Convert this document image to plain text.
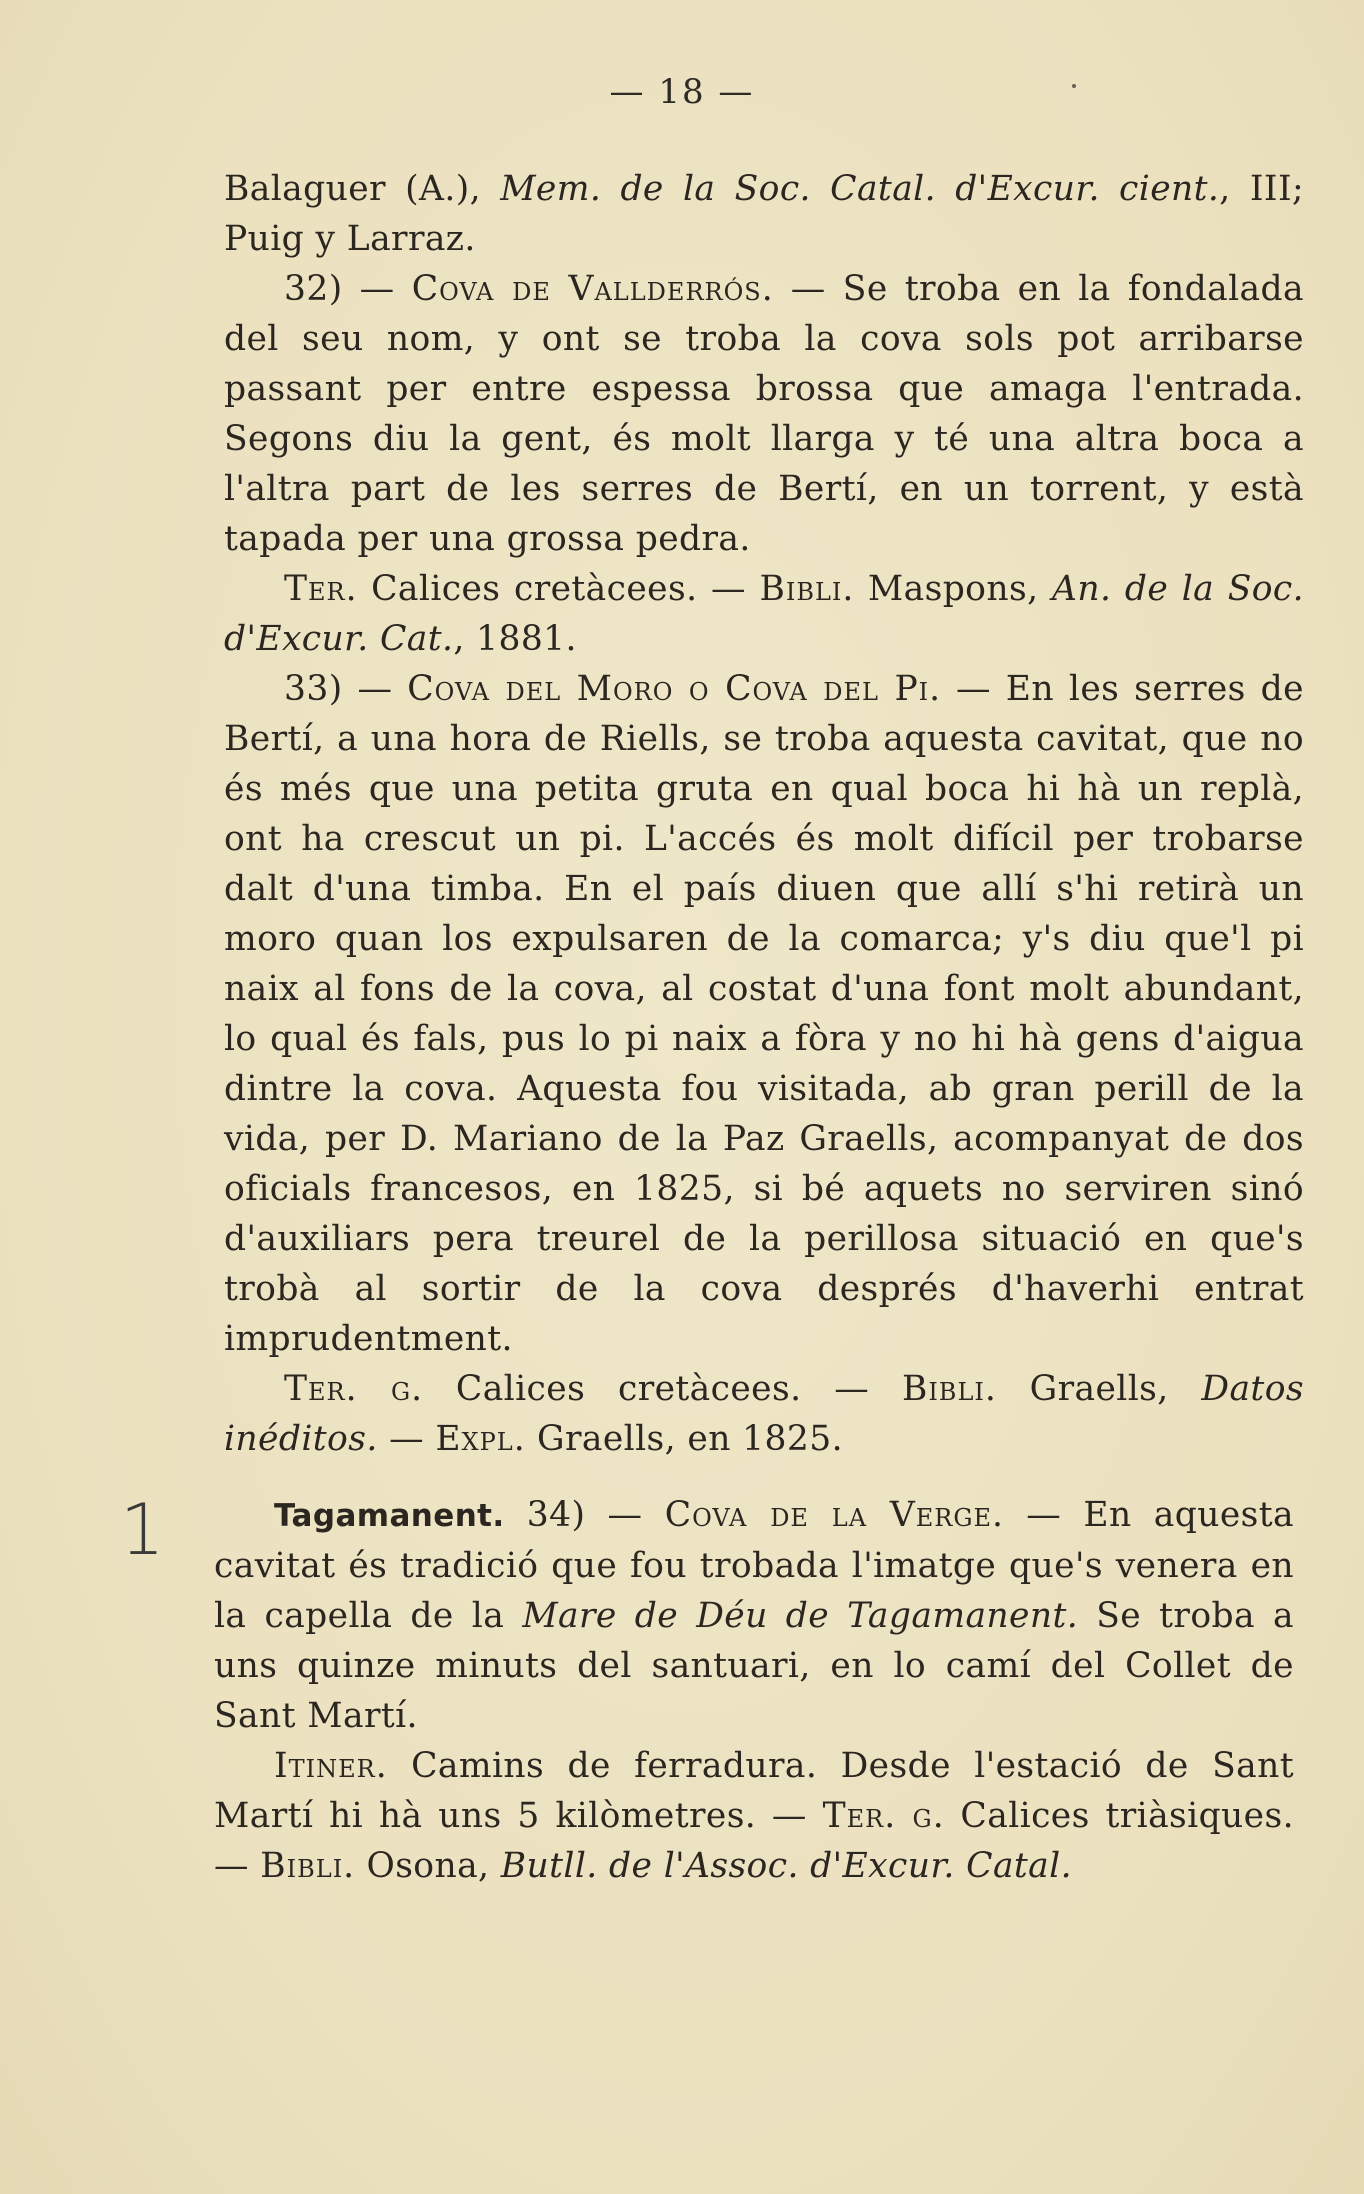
— 18 —

Balaguer (A.), Mem. de la Soc. Catal. d'Excur. cient., III; Puig y Larraz.

32) — Cova de Vallderrós. — Se troba en la fondalada del seu nom, y ont se troba la cova sols pot arribarse passant per entre espessa brossa que amaga l'entrada. Segons diu la gent, és molt llarga y té una altra boca a l'altra part de les serres de Bertí, en un torrent, y està tapada per una grossa pedra.

Ter. Calices cretàcees. — Bibli. Maspons, An. de la Soc. d'Excur. Cat., 1881.

33) — Cova del Moro o Cova del Pi. — En les serres de Bertí, a una hora de Riells, se troba aquesta cavitat, que no és més que una petita gruta en qual boca hi hà un replà, ont ha crescut un pi. L'accés és molt difícil per trobarse dalt d'una timba. En el país diuen que allí s'hi retirà un moro quan los expulsaren de la comarca; y's diu que'l pi naix al fons de la cova, al costat d'una font molt abundant, lo qual és fals, pus lo pi naix a fòra y no hi hà gens d'aigua dintre la cova. Aquesta fou visitada, ab gran perill de la vida, per D. Mariano de la Paz Graells, acompanyat de dos oficials francesos, en 1825, si bé aquets no serviren sinó d'auxiliars pera treurel de la perillosa situació en que's trobà al sortir de la cova després d'haverhi entrat imprudentment.

Ter. g. Calices cretàcees. — Bibli. Graells, Datos inéditos. — Expl. Graells, en 1825.

1	Tagamanent. 34) — Cova de la Verge. — En aquesta cavitat és tradició que fou trobada l'imatge que's venera en la capella de la Mare de Déu de Tagamanent. Se troba a uns quinze minuts del santuari, en lo camí del Collet de Sant Martí.

Itiner. Camins de ferradura. Desde l'estació de Sant Martí hi hà uns 5 kilòmetres. — Ter. g. Calices triàsiques. — Bibli. Osona, Butll. de l'Assoc. d'Excur. Catal.
